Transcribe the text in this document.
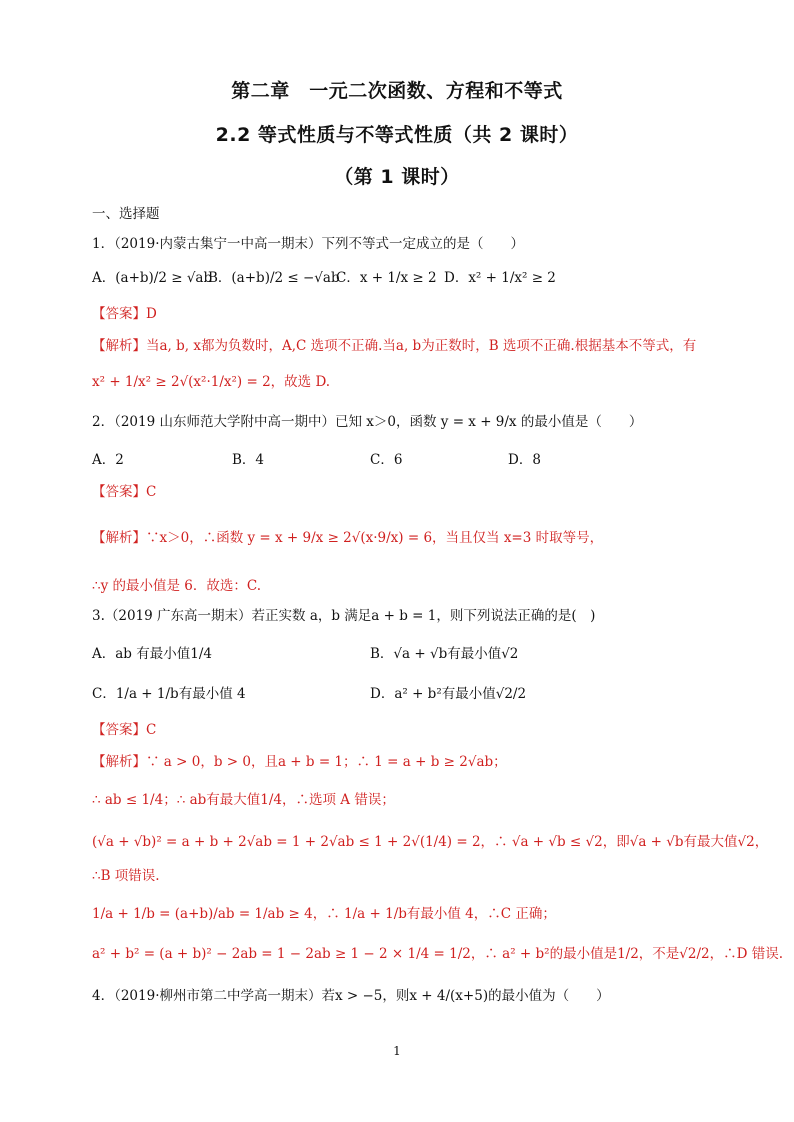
第二章　一元二次函数、方程和不等式
2.2 等式性质与不等式性质（共 2 课时）
（第 1 课时）
一、选择题
1．（2019·内蒙古集宁一中高一期末）下列不等式一定成立的是（　　）
A．(a+b)/2 ≥ √ab
B．(a+b)/2 ≤ −√ab
C．x + 1/x ≥ 2 D．x² + 1/x² ≥ 2
【答案】D
【解析】当a, b, x都为负数时，A,C 选项不正确.当a, b为正数时，B 选项不正确.根据基本不等式，有
x² + 1/x² ≥ 2√(x²·1/x²) = 2，故选 D.
2．（2019 山东师范大学附中高一期中）已知 x＞0，函数 y = x + 9/x 的最小值是（　　）
A．2	B．4	C．6	D．8
【答案】C
【解析】∵x＞0，∴函数 y = x + 9/x ≥ 2√(x·9/x) = 6，当且仅当 x=3 时取等号，
∴y 的最小值是 6．故选：C.
3.（2019 广东高一期末）若正实数 a，b 满足a + b = 1，则下列说法正确的是(　)
A．ab 有最小值1/4	B．√a + √b有最小值√2
C．1/a + 1/b有最小值 4	D．a² + b²有最小值√2/2
【答案】C
【解析】∵ a > 0，b > 0，且a + b = 1；∴ 1 = a + b ≥ 2√ab；
∴ ab ≤ 1/4；∴ ab有最大值1/4，∴选项 A 错误；
(√a + √b)² = a + b + 2√ab = 1 + 2√ab ≤ 1 + 2√(1/4) = 2，∴ √a + √b ≤ √2，即√a + √b有最大值√2，
∴B 项错误.
1/a + 1/b = (a+b)/ab = 1/ab ≥ 4，∴ 1/a + 1/b有最小值 4，∴C 正确；
a² + b² = (a + b)² − 2ab = 1 − 2ab ≥ 1 − 2 × 1/4 = 1/2，∴ a² + b²的最小值是1/2，不是√2/2，∴D 错误.
4．（2019·柳州市第二中学高一期末）若x > −5，则x + 4/(x+5)的最小值为（　　）
1
